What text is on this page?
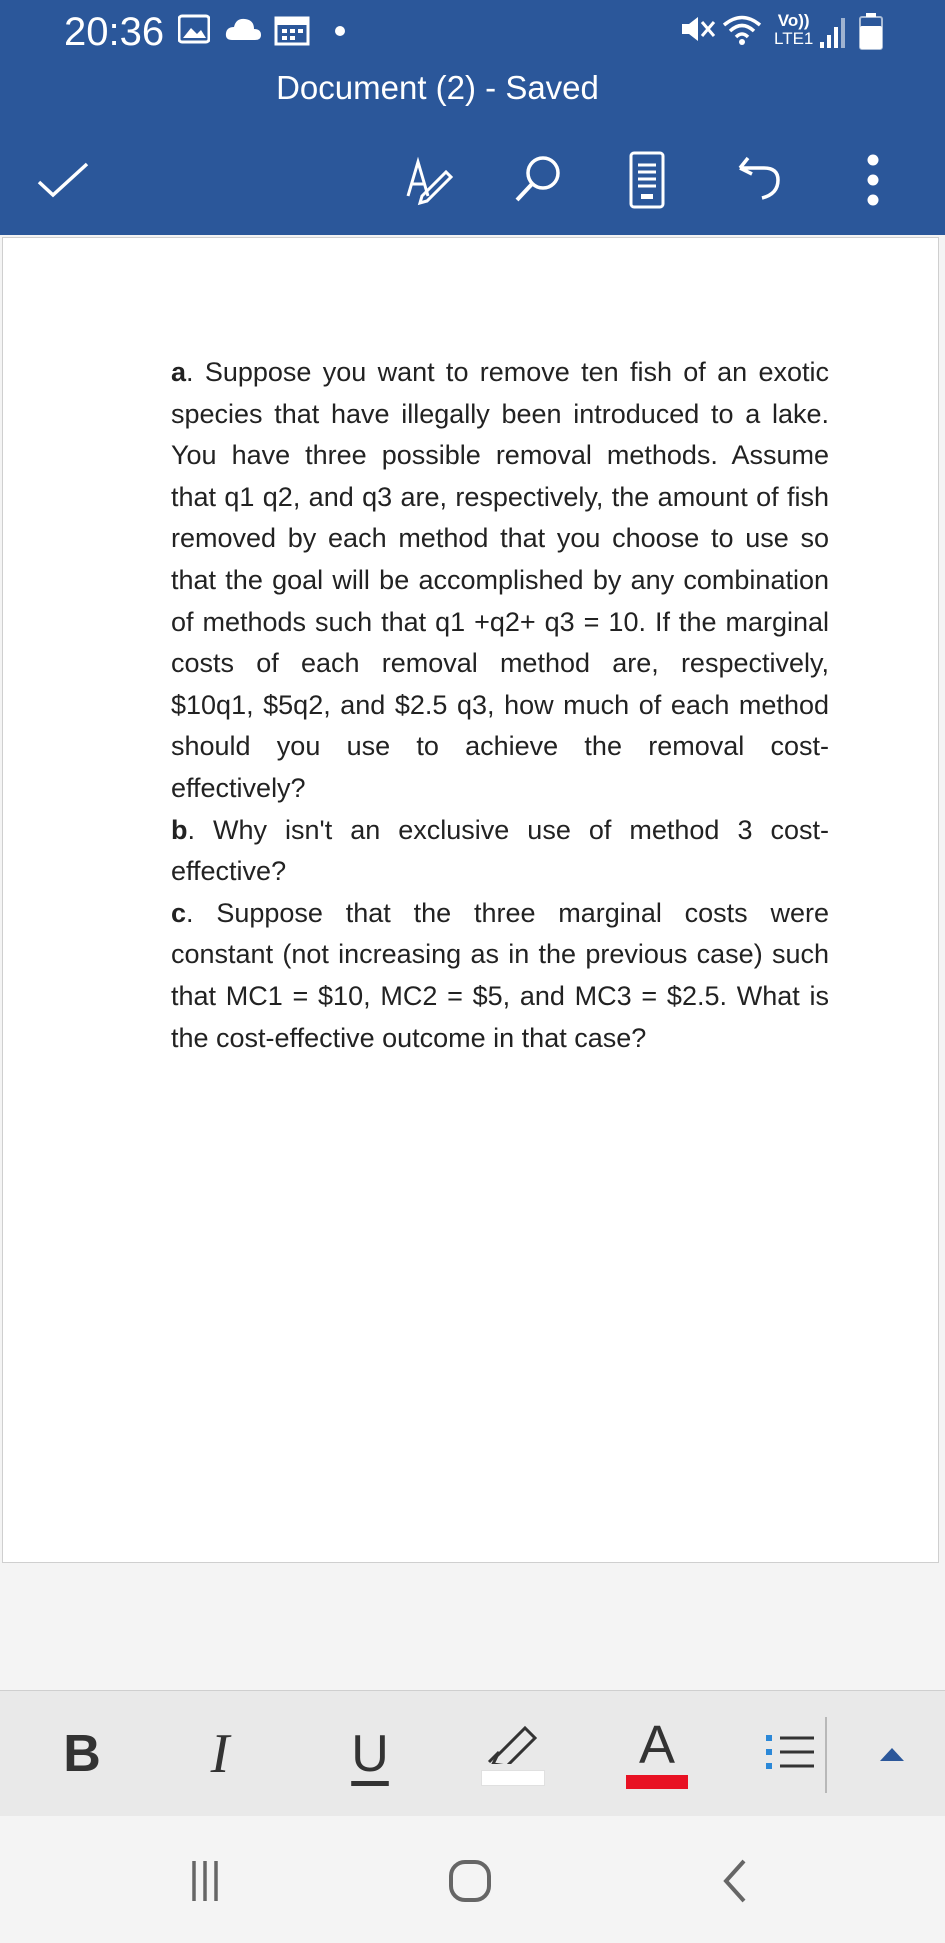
20:36	Vo))
LTE1
Document (2) - Saved

a. Suppose you want to remove ten fish of an exotic species that have illegally been introduced to a lake. You have three possible removal methods. Assume that q1 q2, and q3 are, respectively, the amount of fish removed by each method that you choose to use so that the goal will be accomplished by any combination of methods such that q1 +q2+ q3 = 10. If the marginal costs of each removal method are, respectively, $10q1, $5q2, and $2.5 q3, how much of each method should you use to achieve the removal cost-effectively?

b. Why isn't an exclusive use of method 3 cost-effective?

c. Suppose that the three marginal costs were constant (not increasing as in the previous case) such that MC1 = $10, MC2 = $5, and MC3 = $2.5. What is the cost-effective outcome in that case?

B I U	A
